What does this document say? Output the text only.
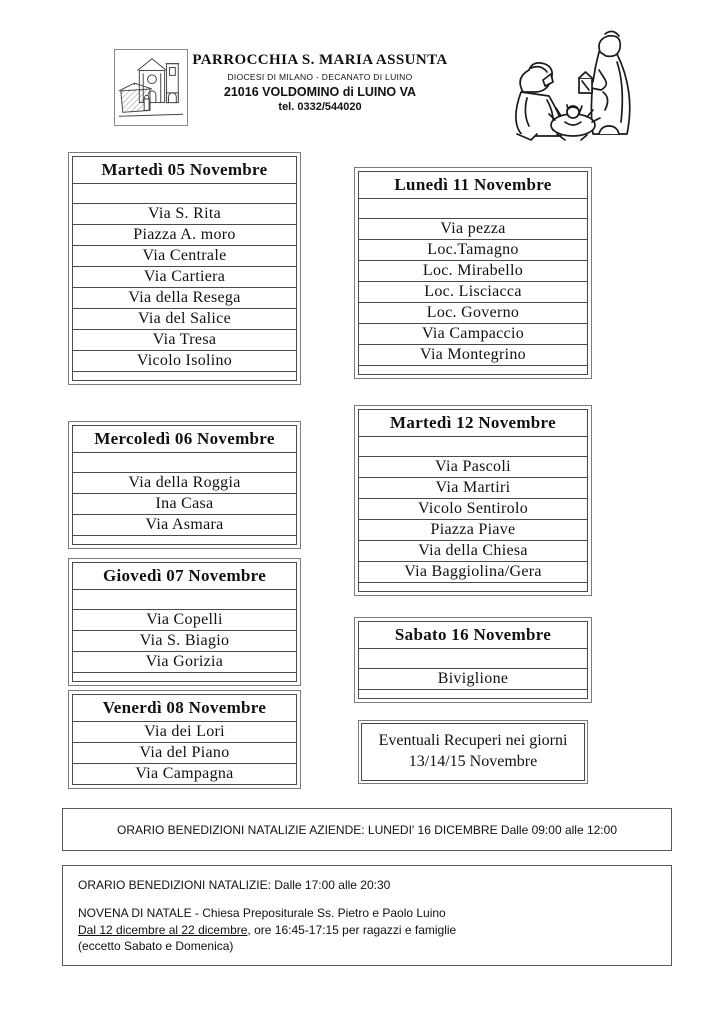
PARROCCHIA S. MARIA ASSUNTA
DIOCESI DI MILANO - DECANATO DI LUINO
21016 VOLDOMINO di LUINO VA
tel. 0332/544020
Martedì 05 Novembre

Via S. Rita
Piazza A. moro
Via Centrale
Via Cartiera
Via della Resega
Via del Salice
Via Tresa
Vicolo Isolino

Mercoledì 06 Novembre

Via della Roggia
Ina Casa
Via Asmara

Giovedì 07 Novembre

Via Copelli
Via S. Biagio
Via Gorizia

Venerdì 08 Novembre
Via dei Lori
Via del Piano
Via Campagna
Lunedì 11 Novembre

Via pezza
Loc.Tamagno
Loc. Mirabello
Loc. Lisciacca
Loc. Governo
Via Campaccio
Via Montegrino

Martedì 12 Novembre

Via Pascoli
Via Martiri
Vicolo Sentirolo
Piazza Piave
Via della Chiesa
Via Baggiolina/Gera

Sabato 16 Novembre

Biviglione

Eventuali Recuperi nei giorni
13/14/15 Novembre
ORARIO BENEDIZIONI NATALIZIE AZIENDE: LUNEDI' 16 DICEMBRE Dalle 09:00 alle 12:00
ORARIO BENEDIZIONI NATALIZIE: Dalle 17:00 alle 20:30
NOVENA DI NATALE - Chiesa Prepositurale Ss. Pietro e Paolo Luino
Dal 12 dicembre al 22 dicembre, ore 16:45-17:15 per ragazzi e famiglie
(eccetto Sabato e Domenica)
